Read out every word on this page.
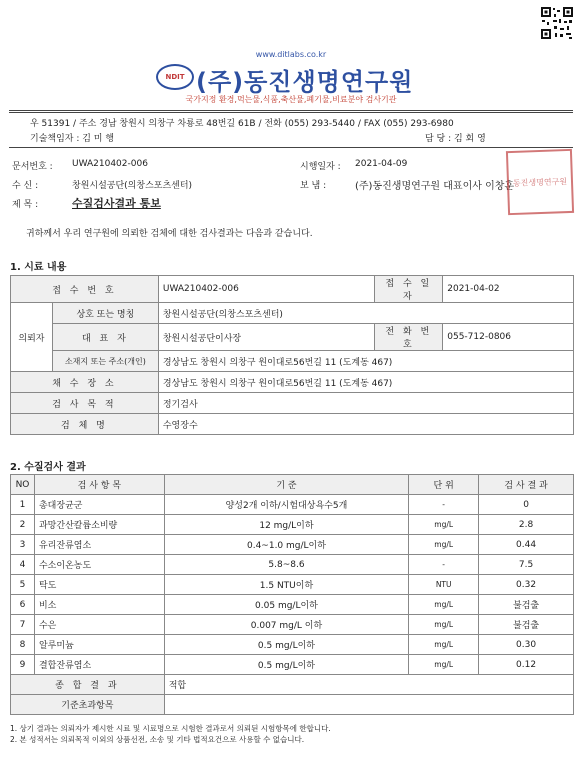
www.ditlabs.co.kr
NDIT (주)동진생명연구원
국가지정 환경,먹는물,식품,축산물,폐기물,비료분야 검사기관
우 51391 / 주소 경남 창원시 의창구 차룡로 48번길 61B / 전화 (055) 293-5440 / FAX (055) 293-6980
기술책임자 : 김 미 행	담 당 : 김 회 영
문서번호 : UWA210402-006	시행일자 : 2021-04-09
수 신 :	창원시설공단(의창스포츠센터)	보 냄 :	(주)동진생명연구원 대표이사 이창훈
제 목 :	수질검사결과 통보
동진생명연구원
귀하께서 우리 연구원에 의뢰한 검체에 대한 검사결과는 다음과 같습니다.
1. 시료 내용
접 수 번 호		UWA210402-006	접 수 일 자	2021-04-02
의뢰자	상호 또는 명칭	창원시설공단(의창스포츠센터)		
	대 표 자	창원시설공단이사장	전 화 번 호	055-712-0806
	소재지 또는 주소(개인)	경상남도 창원시 의창구 원이대로56번길 11 (도계동 467)		
채 수 장 소		경상남도 창원시 의창구 원이대로56번길 11 (도계동 467)		
검 사 목 적		정기검사		
검 체 명		수영장수		
2. 수질검사 결과
NO	검 사 항 목	기 준	단 위	검 사 결 과
1	총대장균군	양성2개 이하/시험대상욕수5개	-	0
2	과망간산칼륨소비량	12 mg/L이하	mg/L	2.8
3	유리잔류염소	0.4~1.0 mg/L이하	mg/L	0.44
4	수소이온농도	5.8~8.6	-	7.5
5	탁도	1.5 NTU이하	NTU	0.32
6	비소	0.05 mg/L이하	mg/L	불검출
7	수은	0.007 mg/L 이하	mg/L	불검출
8	알루미늄	0.5 mg/L이하	mg/L	0.30
9	결합잔류염소	0.5 mg/L이하	mg/L	0.12
종 합 결 과		적합		
기준초과항목				
1. 상기 결과는 의뢰자가 제시한 시료 및 시료명으로 시험한 결과로서 의뢰된 시험항목에 한합니다.
2. 본 성적서는 의뢰목적 이외의 상품선전, 소송 및 기타 법적요건으로 사용할 수 없습니다.
